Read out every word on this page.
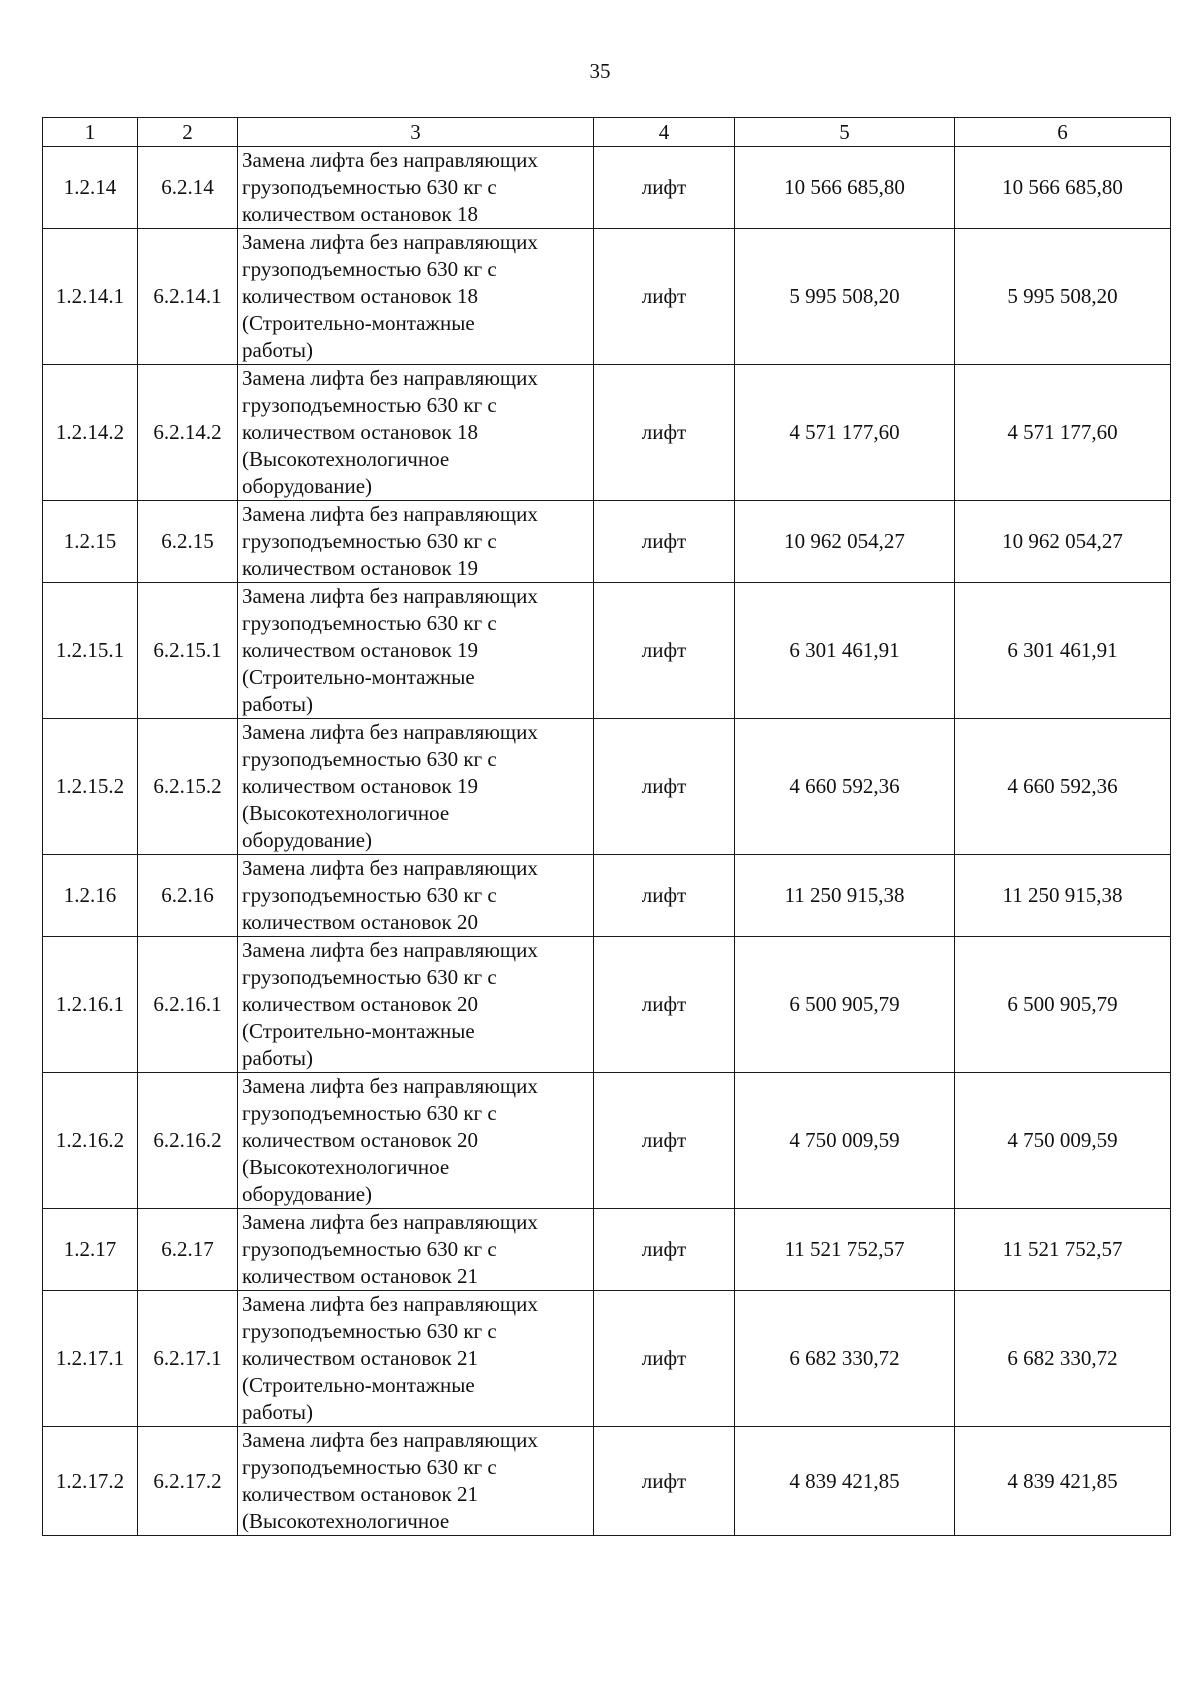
35
1	2	3	4	5	6
1.2.14	6.2.14	Замена лифта без направляющих
грузоподъемностью 630 кг с
количеством остановок 18	лифт	10 566 685,80	10 566 685,80
1.2.14.1	6.2.14.1	Замена лифта без направляющих
грузоподъемностью 630 кг с
количеством остановок 18
(Строительно-монтажные
работы)	лифт	5 995 508,20	5 995 508,20
1.2.14.2	6.2.14.2	Замена лифта без направляющих
грузоподъемностью 630 кг с
количеством остановок 18
(Высокотехнологичное
оборудование)	лифт	4 571 177,60	4 571 177,60
1.2.15	6.2.15	Замена лифта без направляющих
грузоподъемностью 630 кг с
количеством остановок 19	лифт	10 962 054,27	10 962 054,27
1.2.15.1	6.2.15.1	Замена лифта без направляющих
грузоподъемностью 630 кг с
количеством остановок 19
(Строительно-монтажные
работы)	лифт	6 301 461,91	6 301 461,91
1.2.15.2	6.2.15.2	Замена лифта без направляющих
грузоподъемностью 630 кг с
количеством остановок 19
(Высокотехнологичное
оборудование)	лифт	4 660 592,36	4 660 592,36
1.2.16	6.2.16	Замена лифта без направляющих
грузоподъемностью 630 кг с
количеством остановок 20	лифт	11 250 915,38	11 250 915,38
1.2.16.1	6.2.16.1	Замена лифта без направляющих
грузоподъемностью 630 кг с
количеством остановок 20
(Строительно-монтажные
работы)	лифт	6 500 905,79	6 500 905,79
1.2.16.2	6.2.16.2	Замена лифта без направляющих
грузоподъемностью 630 кг с
количеством остановок 20
(Высокотехнологичное
оборудование)	лифт	4 750 009,59	4 750 009,59
1.2.17	6.2.17	Замена лифта без направляющих
грузоподъемностью 630 кг с
количеством остановок 21	лифт	11 521 752,57	11 521 752,57
1.2.17.1	6.2.17.1	Замена лифта без направляющих
грузоподъемностью 630 кг с
количеством остановок 21
(Строительно-монтажные
работы)	лифт	6 682 330,72	6 682 330,72
1.2.17.2	6.2.17.2	Замена лифта без направляющих
грузоподъемностью 630 кг с
количеством остановок 21
(Высокотехнологичное	лифт	4 839 421,85	4 839 421,85
